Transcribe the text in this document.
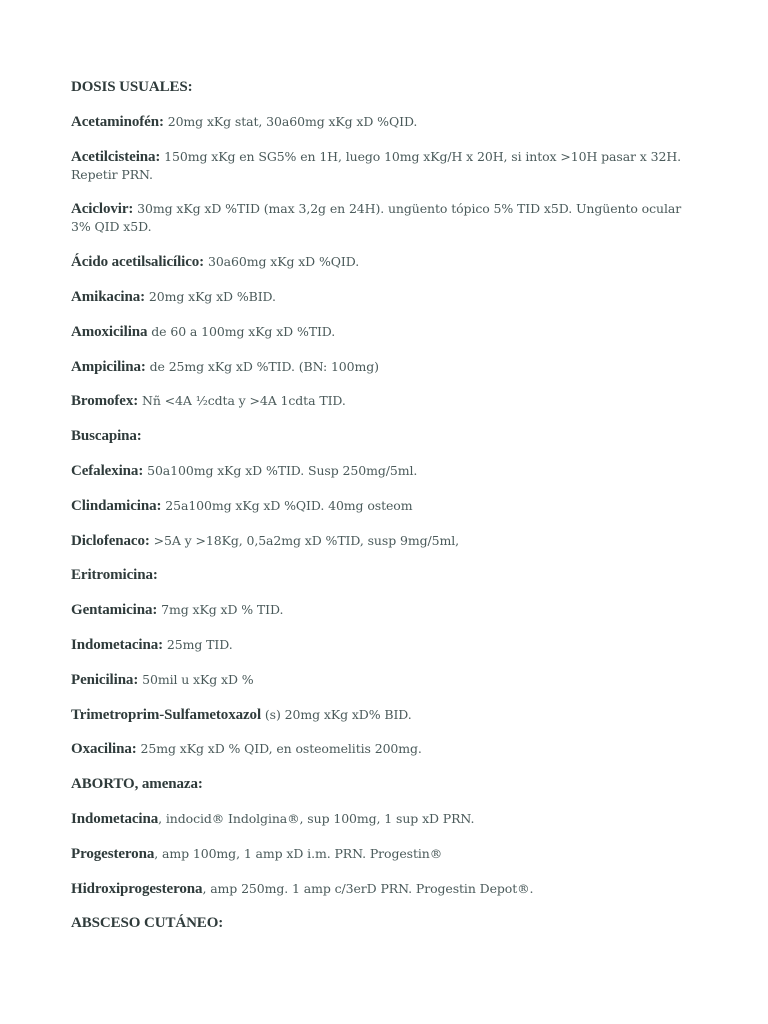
DOSIS USUALES:
Acetaminofén: 20mg xKg stat, 30a60mg xKg xD %QID.
Acetilcisteina: 150mg xKg en SG5% en 1H, luego 10mg xKg/H x 20H, si intox >10H pasar x 32H. Repetir PRN.
Aciclovir: 30mg xKg xD %TID (max 3,2g en 24H). ungüento tópico 5% TID x5D. Ungüento ocular 3% QID x5D.
Ácido acetilsalicílico: 30a60mg xKg xD %QID.
Amikacina: 20mg xKg xD %BID.
Amoxicilina de 60 a 100mg xKg xD %TID.
Ampicilina: de 25mg xKg xD %TID. (BN: 100mg)
Bromofex: Nñ <4A ½cdta y >4A 1cdta TID.
Buscapina:
Cefalexina: 50a100mg xKg xD %TID. Susp 250mg/5ml.
Clindamicina: 25a100mg xKg xD %QID. 40mg osteom
Diclofenaco: >5A y >18Kg, 0,5a2mg xD %TID, susp 9mg/5ml,
Eritromicina:
Gentamicina: 7mg xKg xD % TID.
Indometacina: 25mg TID.
Penicilina: 50mil u xKg xD %
Trimetroprim-Sulfametoxazol (s) 20mg xKg xD% BID.
Oxacilina: 25mg xKg xD % QID, en osteomelitis 200mg.
ABORTO, amenaza:
Indometacina, indocid® Indolgina®, sup 100mg, 1 sup xD PRN.
Progesterona, amp 100mg, 1 amp xD i.m. PRN. Progestin®
Hidroxiprogesterona, amp 250mg. 1 amp c/3erD PRN. Progestin Depot®.
ABSCESO CUTÁNEO:
